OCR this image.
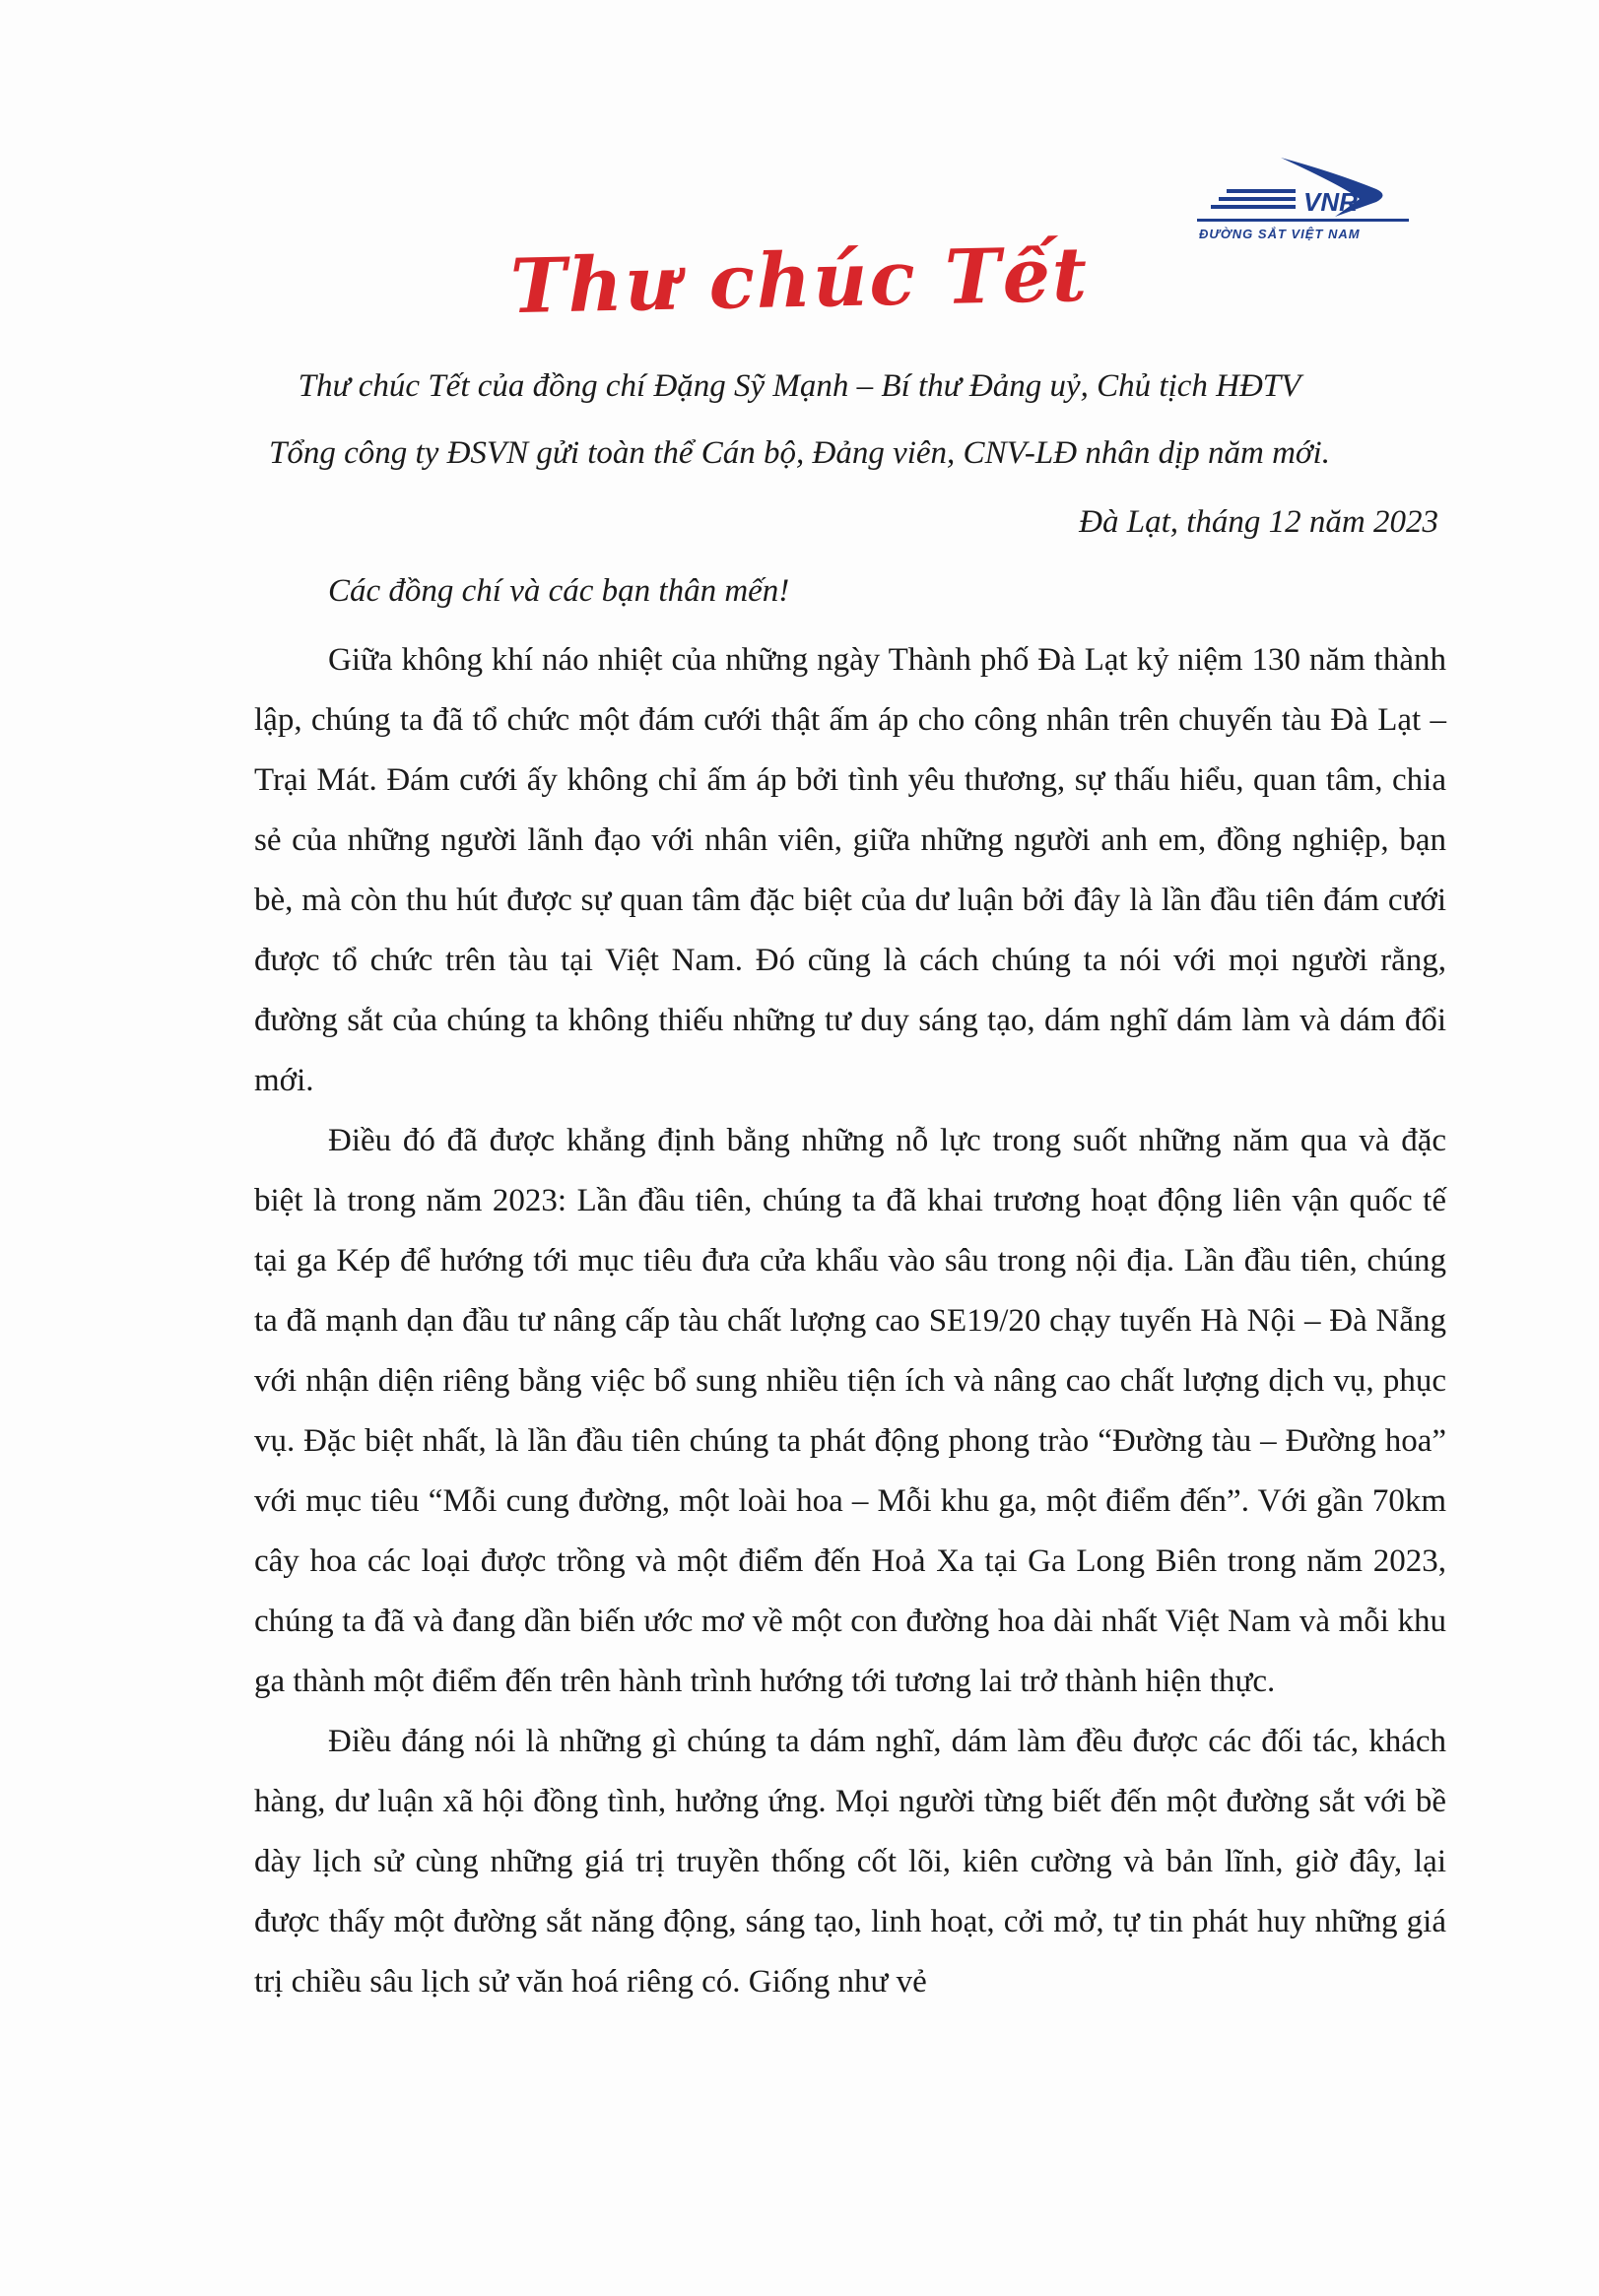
VNR
ĐƯỜNG SẮT VIỆT NAM
Thư chúc Tết
Thư chúc Tết của đồng chí Đặng Sỹ Mạnh – Bí thư Đảng uỷ, Chủ tịch HĐTV
Tổng công ty ĐSVN gửi toàn thể Cán bộ, Đảng viên, CNV-LĐ nhân dịp năm mới.
Đà Lạt, tháng 12 năm 2023
Các đồng chí và các bạn thân mến!

Giữa không khí náo nhiệt của những ngày Thành phố Đà Lạt kỷ niệm 130 năm thành lập, chúng ta đã tổ chức một đám cưới thật ấm áp cho công nhân trên chuyến tàu Đà Lạt – Trại Mát. Đám cưới ấy không chỉ ấm áp bởi tình yêu thương, sự thấu hiểu, quan tâm, chia sẻ của những người lãnh đạo với nhân viên, giữa những người anh em, đồng nghiệp, bạn bè, mà còn thu hút được sự quan tâm đặc biệt của dư luận bởi đây là lần đầu tiên đám cưới được tổ chức trên tàu tại Việt Nam. Đó cũng là cách chúng ta nói với mọi người rằng, đường sắt của chúng ta không thiếu những tư duy sáng tạo, dám nghĩ dám làm và dám đổi mới.

Điều đó đã được khẳng định bằng những nỗ lực trong suốt những năm qua và đặc biệt là trong năm 2023: Lần đầu tiên, chúng ta đã khai trương hoạt động liên vận quốc tế tại ga Kép để hướng tới mục tiêu đưa cửa khẩu vào sâu trong nội địa. Lần đầu tiên, chúng ta đã mạnh dạn đầu tư nâng cấp tàu chất lượng cao SE19/20 chạy tuyến Hà Nội – Đà Nẵng với nhận diện riêng bằng việc bổ sung nhiều tiện ích và nâng cao chất lượng dịch vụ, phục vụ. Đặc biệt nhất, là lần đầu tiên chúng ta phát động phong trào “Đường tàu – Đường hoa” với mục tiêu “Mỗi cung đường, một loài hoa – Mỗi khu ga, một điểm đến”. Với gần 70km cây hoa các loại được trồng và một điểm đến Hoả Xa tại Ga Long Biên trong năm 2023, chúng ta đã và đang dần biến ước mơ về một con đường hoa dài nhất Việt Nam và mỗi khu ga thành một điểm đến trên hành trình hướng tới tương lai trở thành hiện thực.

Điều đáng nói là những gì chúng ta dám nghĩ, dám làm đều được các đối tác, khách hàng, dư luận xã hội đồng tình, hưởng ứng. Mọi người từng biết đến một đường sắt với bề dày lịch sử cùng những giá trị truyền thống cốt lõi, kiên cường và bản lĩnh, giờ đây, lại được thấy một đường sắt năng động, sáng tạo, linh hoạt, cởi mở, tự tin phát huy những giá trị chiều sâu lịch sử văn hoá riêng có. Giống như vẻ
